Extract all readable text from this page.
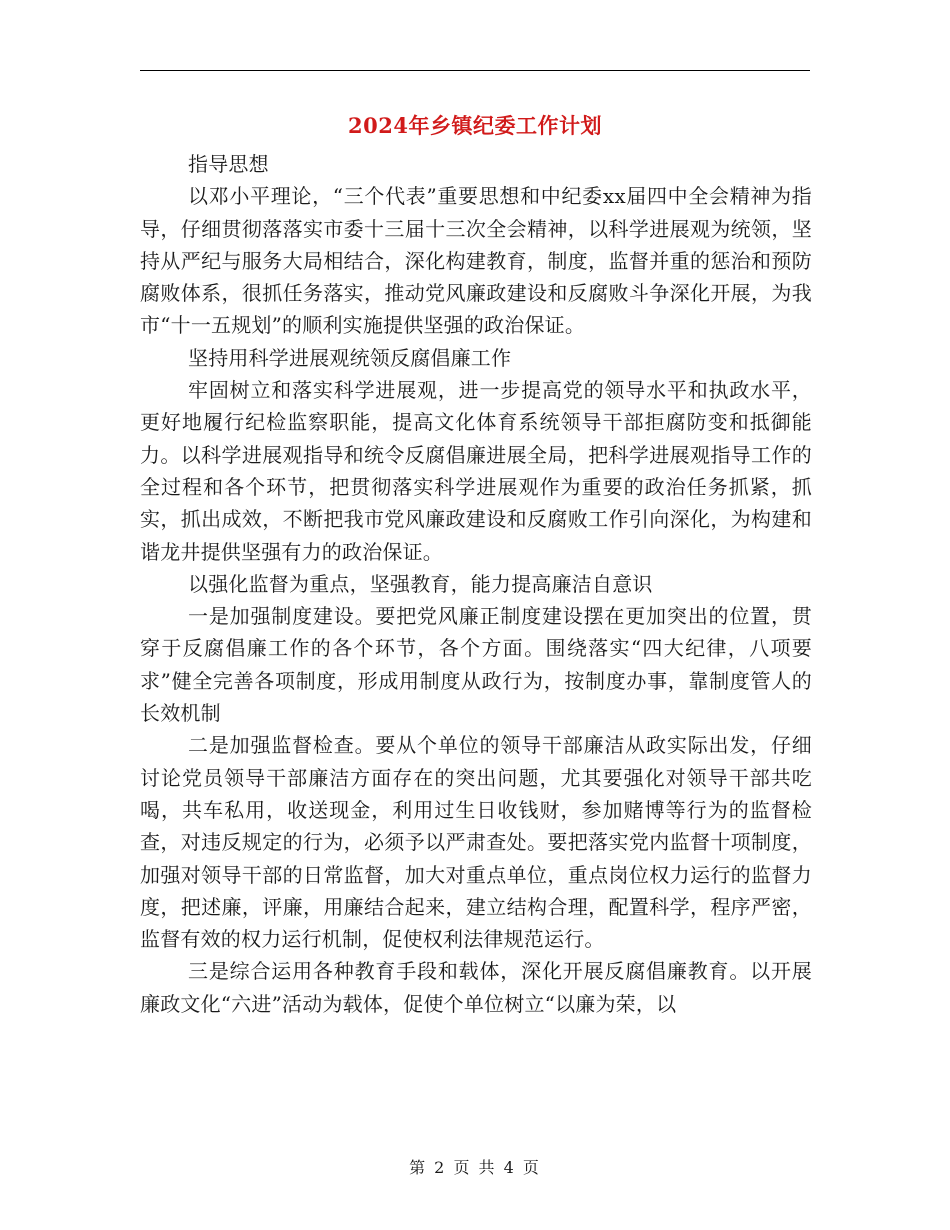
2024年乡镇纪委工作计划

指导思想

以邓小平理论，“三个代表”重要思想和中纪委xx届四中全会精神为指导，仔细贯彻落落实市委十三届十三次全会精神，以科学进展观为统领，坚持从严纪与服务大局相结合，深化构建教育，制度，监督并重的惩治和预防腐败体系，很抓任务落实，推动党风廉政建设和反腐败斗争深化开展，为我市“十一五规划”的顺利实施提供坚强的政治保证。

坚持用科学进展观统领反腐倡廉工作

牢固树立和落实科学进展观，进一步提高党的领导水平和执政水平，更好地履行纪检监察职能，提高文化体育系统领导干部拒腐防变和抵御能力。以科学进展观指导和统令反腐倡廉进展全局，把科学进展观指导工作的全过程和各个环节，把贯彻落实科学进展观作为重要的政治任务抓紧，抓实，抓出成效，不断把我市党风廉政建设和反腐败工作引向深化，为构建和谐龙井提供坚强有力的政治保证。

以强化监督为重点，坚强教育，能力提高廉洁自意识

一是加强制度建设。要把党风廉正制度建设摆在更加突出的位置，贯穿于反腐倡廉工作的各个环节，各个方面。围绕落实“四大纪律，八项要求”健全完善各项制度，形成用制度从政行为，按制度办事，靠制度管人的长效机制

二是加强监督检查。要从个单位的领导干部廉洁从政实际出发，仔细讨论党员领导干部廉洁方面存在的突出问题，尤其要强化对领导干部共吃喝，共车私用，收送现金，利用过生日收钱财，参加赌博等行为的监督检查，对违反规定的行为，必须予以严肃查处。要把落实党内监督十项制度，加强对领导干部的日常监督，加大对重点单位，重点岗位权力运行的监督力度，把述廉，评廉，用廉结合起来，建立结构合理，配置科学，程序严密，监督有效的权力运行机制，促使权利法律规范运行。

三是综合运用各种教育手段和载体，深化开展反腐倡廉教育。以开展廉政文化“六进”活动为载体，促使个单位树立“以廉为荣，以

第 2 页 共 4 页
